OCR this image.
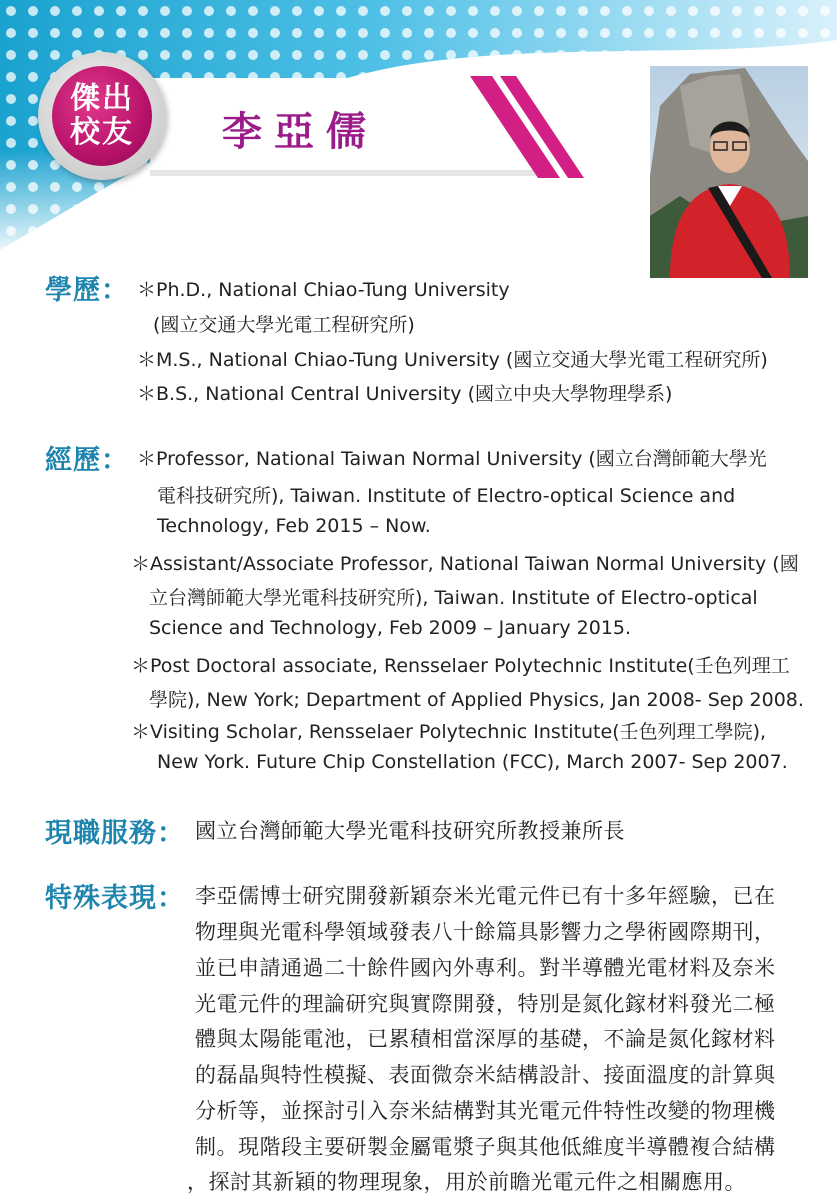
傑出
校友 李亞儒
學歷： ＊Ph.D., National Chiao-Tung University
(國立交通大學光電工程研究所)
＊M.S., National Chiao-Tung University (國立交通大學光電工程研究所)
＊B.S., National Central University (國立中央大學物理學系)
經歷： ＊Professor, National Taiwan Normal University (國立台灣師範大學光
電科技研究所), Taiwan. Institute of Electro-optical Science and
Technology, Feb 2015 – Now.
＊Assistant/Associate Professor, National Taiwan Normal University (國
立台灣師範大學光電科技研究所), Taiwan. Institute of Electro-optical
Science and Technology, Feb 2009 – January 2015.
＊Post Doctoral associate, Rensselaer Polytechnic Institute(壬色列理工
學院), New York; Department of Applied Physics, Jan 2008- Sep 2008.
＊Visiting Scholar, Rensselaer Polytechnic Institute(壬色列理工學院),
New York. Future Chip Constellation (FCC), March 2007- Sep 2007.
現職服務： 國立台灣師範大學光電科技研究所教授兼所長
特殊表現： 李亞儒博士研究開發新穎奈米光電元件已有十多年經驗，已在
物理與光電科學領域發表八十餘篇具影響力之學術國際期刊，
並已申請通過二十餘件國內外專利。對半導體光電材料及奈米
光電元件的理論研究與實際開發，特別是氮化鎵材料發光二極
體與太陽能電池，已累積相當深厚的基礎，不論是氮化鎵材料
的磊晶與特性模擬、表面微奈米結構設計、接面溫度的計算與
分析等，並探討引入奈米結構對其光電元件特性改變的物理機
制。現階段主要研製金屬電漿子與其他低維度半導體複合結構
，探討其新穎的物理現象，用於前瞻光電元件之相關應用。
